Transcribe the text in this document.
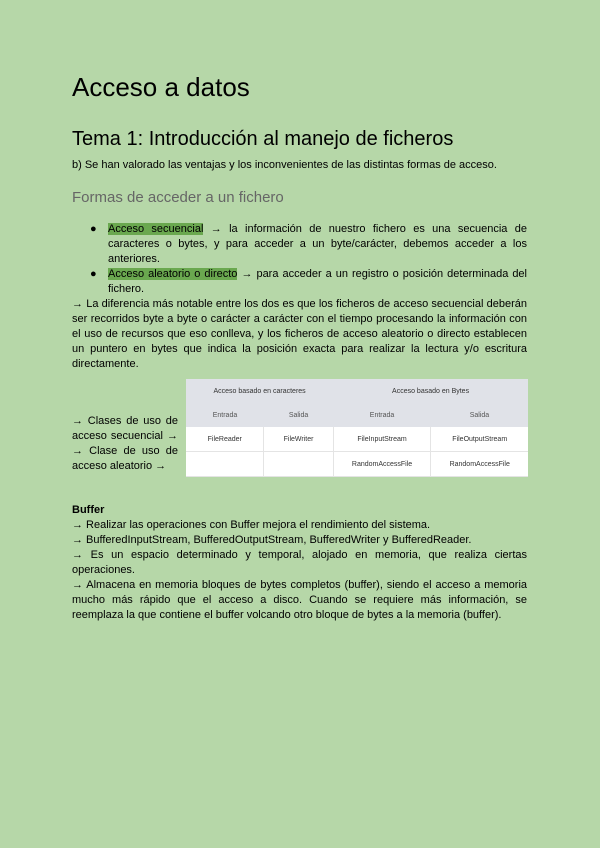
Acceso a datos
Tema 1: Introducción al manejo de ficheros

b) Se han valorado las ventajas y los inconvenientes de las distintas formas de acceso.

Formas de acceder a un fichero
● Acceso secuencial → la información de nuestro fichero es una secuencia de caracteres o bytes, y para acceder a un byte/carácter, debemos acceder a los anteriores.
● Acceso aleatorio o directo → para acceder a un registro o posición determinada del fichero.

→ La diferencia más notable entre los dos es que los ficheros de acceso secuencial deberán ser recorridos byte a byte o carácter a carácter con el tiempo procesando la información con el uso de recursos que eso conlleva, y los ficheros de acceso aleatorio o directo establecen un puntero en bytes que indica la posición exacta para realizar la lectura y/o escritura directamente.

→ Clases de uso de acceso secuencial → → Clase de uso de acceso aleatorio →

Acceso basado en caracteres		Acceso basado en Bytes	
Entrada	Salida	Entrada	Salida
FileReader	FileWriter	FileInputStream	FileOutputStream
		RandomAccessFile	RandomAccessFile

Buffer

→ Realizar las operaciones con Buffer mejora el rendimiento del sistema.

→ BufferedInputStream, BufferedOutputStream, BufferedWriter y BufferedReader.

→ Es un espacio determinado y temporal, alojado en memoria, que realiza ciertas operaciones.

→ Almacena en memoria bloques de bytes completos (buffer), siendo el acceso a memoria mucho más rápido que el acceso a disco. Cuando se requiere más información, se reemplaza la que contiene el buffer volcando otro bloque de bytes a la memoria (buffer).
